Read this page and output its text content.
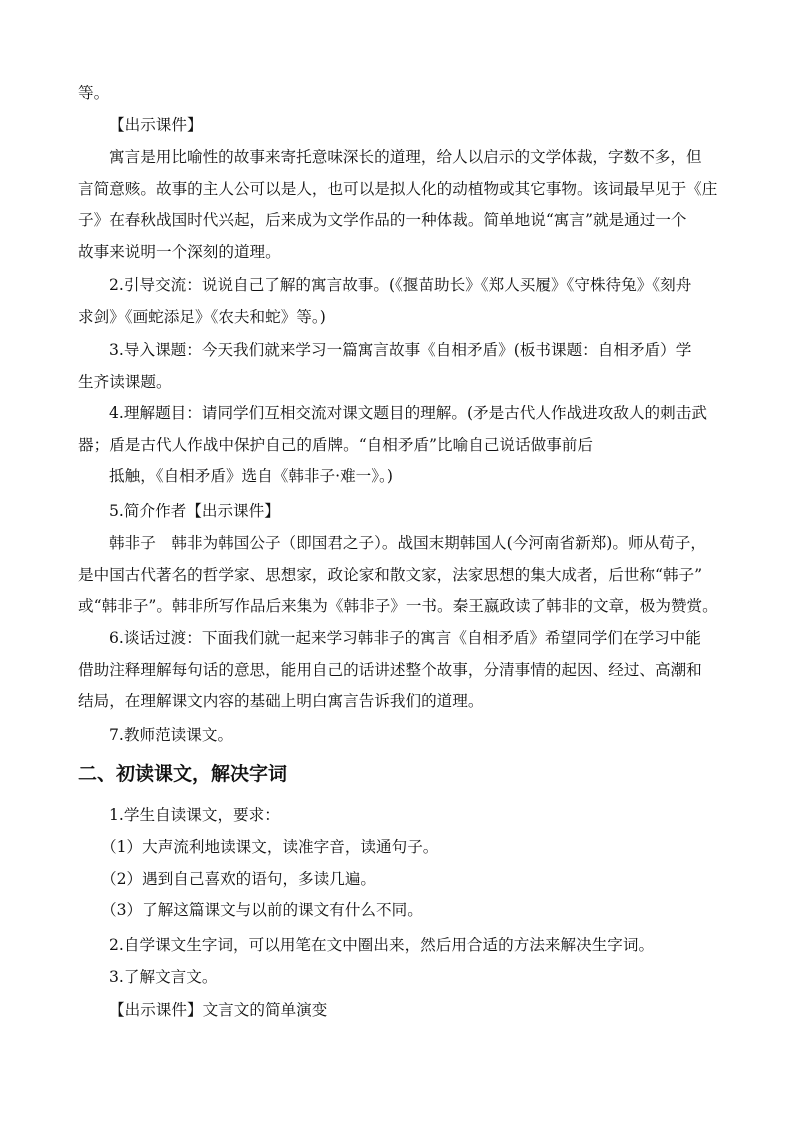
等。

【出示课件】

寓言是用比喻性的故事来寄托意味深长的道理，给人以启示的文学体裁，字数不多，但
言简意赅。故事的主人公可以是人，也可以是拟人化的动植物或其它事物。该词最早见于《庄
子》在春秋战国时代兴起，后来成为文学作品的一种体裁。简单地说“寓言”就是通过一个
故事来说明一个深刻的道理。

2.引导交流：说说自己了解的寓言故事。(《揠苗助长》《郑人买履》《守株待兔》《刻舟
求剑》《画蛇添足》《农夫和蛇》等。)

3.导入课题：今天我们就来学习一篇寓言故事《自相矛盾》(板书课题：自相矛盾）学
生齐读课题。

4.理解题目：请同学们互相交流对课文题目的理解。(矛是古代人作战进攻敌人的刺击武
器；盾是古代人作战中保护自己的盾牌。“自相矛盾”比喻自己说话做事前后
抵触，《自相矛盾》选自《韩非子·难一》。)

5.简介作者【出示课件】

韩非子　韩非为韩国公子（即国君之子）。战国末期韩国人(今河南省新郑)。师从荀子，
是中国古代著名的哲学家、思想家，政论家和散文家，法家思想的集大成者，后世称“韩子”
或“韩非子”。韩非所写作品后来集为《韩非子》一书。秦王嬴政读了韩非的文章，极为赞赏。

6.谈话过渡：下面我们就一起来学习韩非子的寓言《自相矛盾》希望同学们在学习中能
借助注释理解每句话的意思，能用自己的话讲述整个故事，分清事情的起因、经过、高潮和
结局，在理解课文内容的基础上明白寓言告诉我们的道理。

7.教师范读课文。

二、初读课文，解决字词

1.学生自读课文，要求：

（1）大声流利地读课文，读准字音，读通句子。
（2）遇到自己喜欢的语句，多读几遍。
（3）了解这篇课文与以前的课文有什么不同。

2.自学课文生字词，可以用笔在文中圈出来，然后用合适的方法来解决生字词。

3.了解文言文。

【出示课件】文言文的简单演变
